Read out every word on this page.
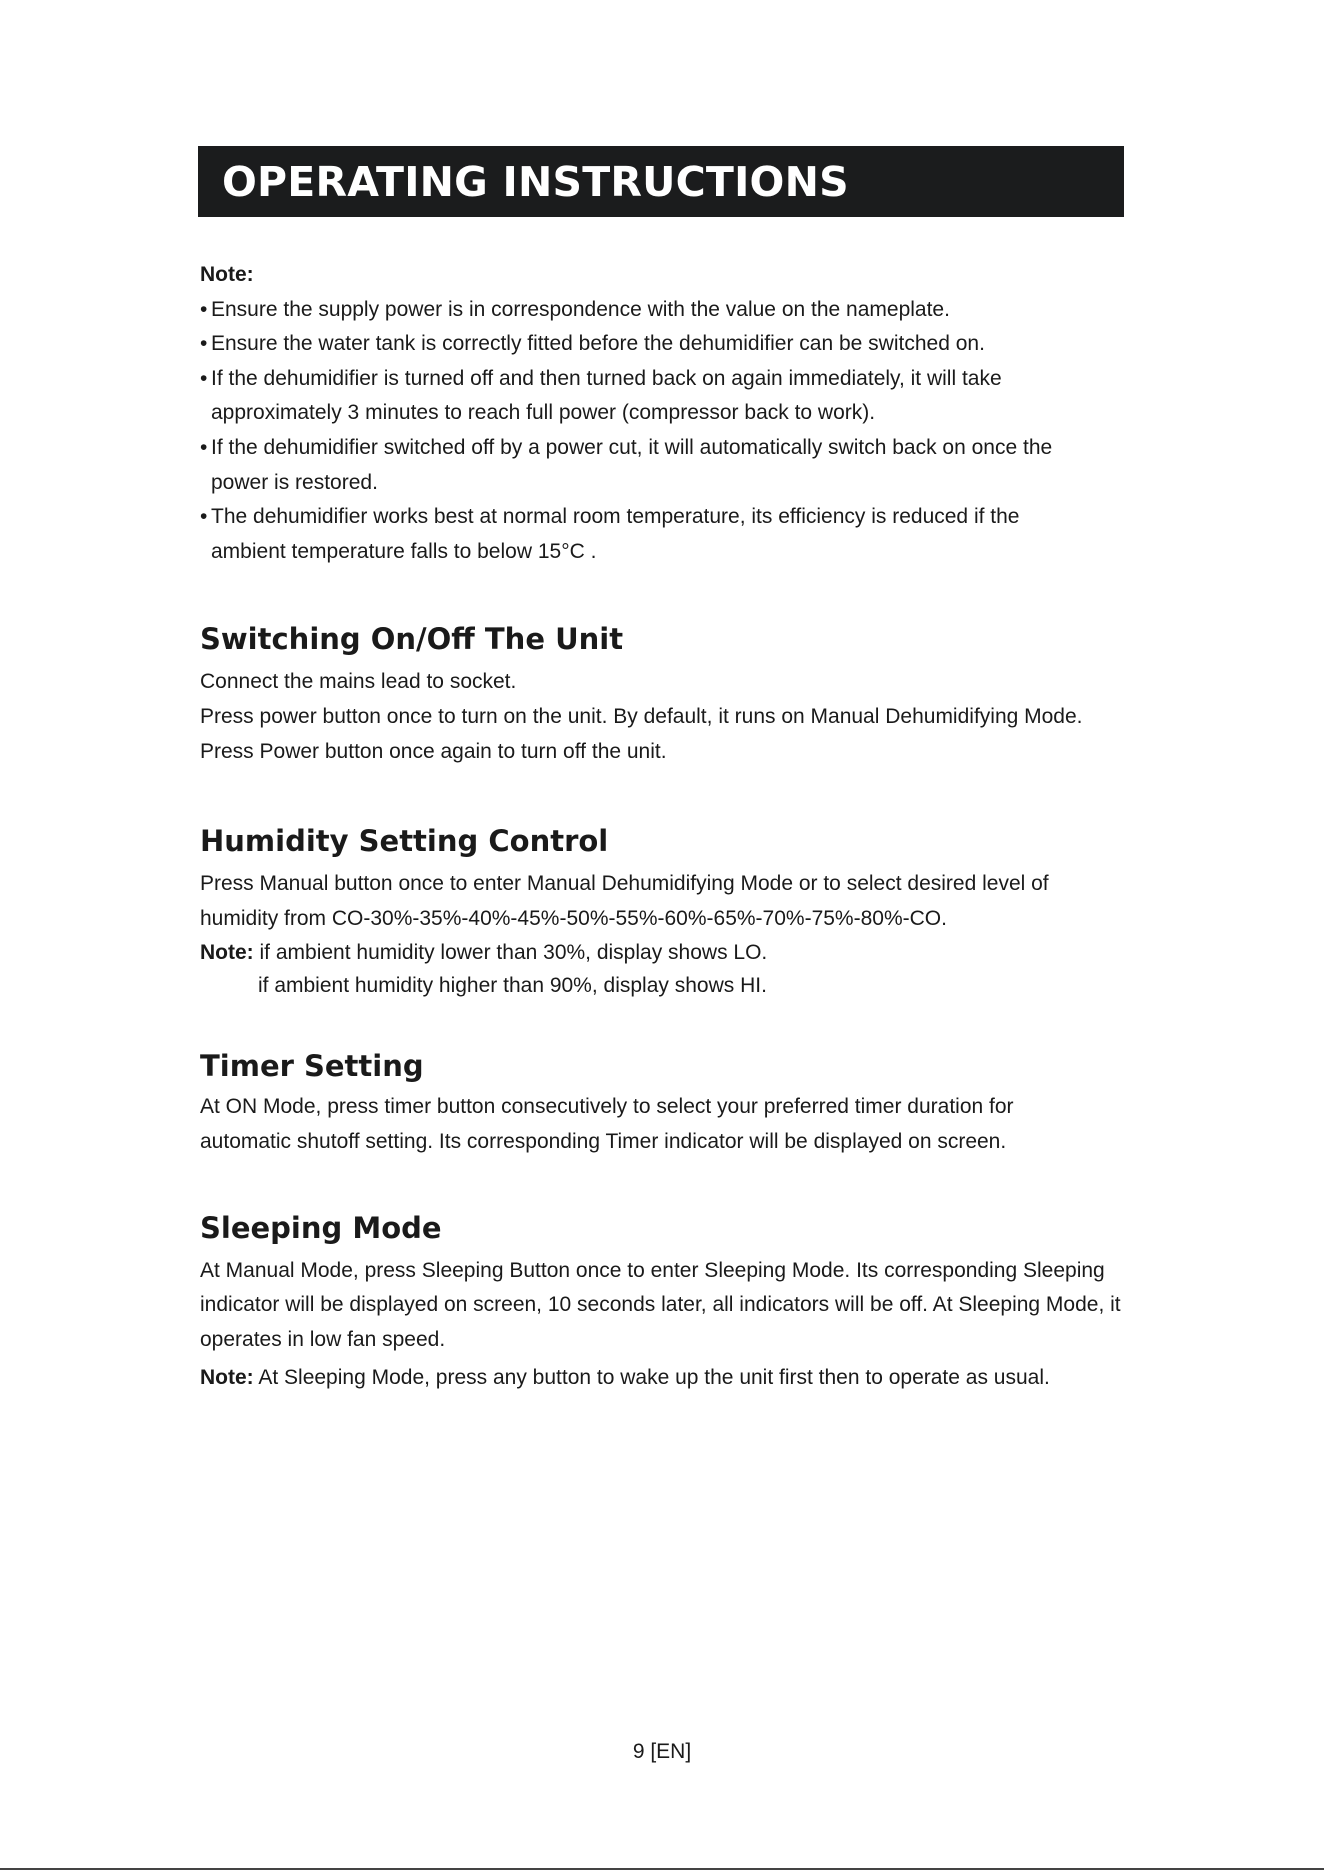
OPERATING INSTRUCTIONS
Note:
• Ensure the supply power is in correspondence with the value on the nameplate.
• Ensure the water tank is correctly fitted before the dehumidifier can be switched on.
• If the dehumidifier is turned off and then turned back on again immediately, it will take approximately 3 minutes to reach full power (compressor back to work).
• If the dehumidifier switched off by a power cut, it will automatically switch back on once the power is restored.
• The dehumidifier works best at normal room temperature, its efficiency is reduced if the ambient temperature falls to below 15°C .
Switching On/Off The Unit

Connect the mains lead to socket.

Press power button once to turn on the unit. By default, it runs on Manual Dehumidifying Mode.

Press Power button once again to turn off the unit.

Humidity Setting Control

Press Manual button once to enter Manual Dehumidifying Mode or to select desired level of humidity from CO-30%-35%-40%-45%-50%-55%-60%-65%-70%-75%-80%-CO.

Note: if ambient humidity lower than 30%, display shows LO.

if ambient humidity higher than 90%, display shows HI.

Timer Setting

At ON Mode, press timer button consecutively to select your preferred timer duration for automatic shutoff setting. Its corresponding Timer indicator will be displayed on screen.

Sleeping Mode

At Manual Mode, press Sleeping Button once to enter Sleeping Mode. Its corresponding Sleeping indicator will be displayed on screen, 10 seconds later, all indicators will be off. At Sleeping Mode, it operates in low fan speed.

Note: At Sleeping Mode, press any button to wake up the unit first then to operate as usual.

9 [EN]
